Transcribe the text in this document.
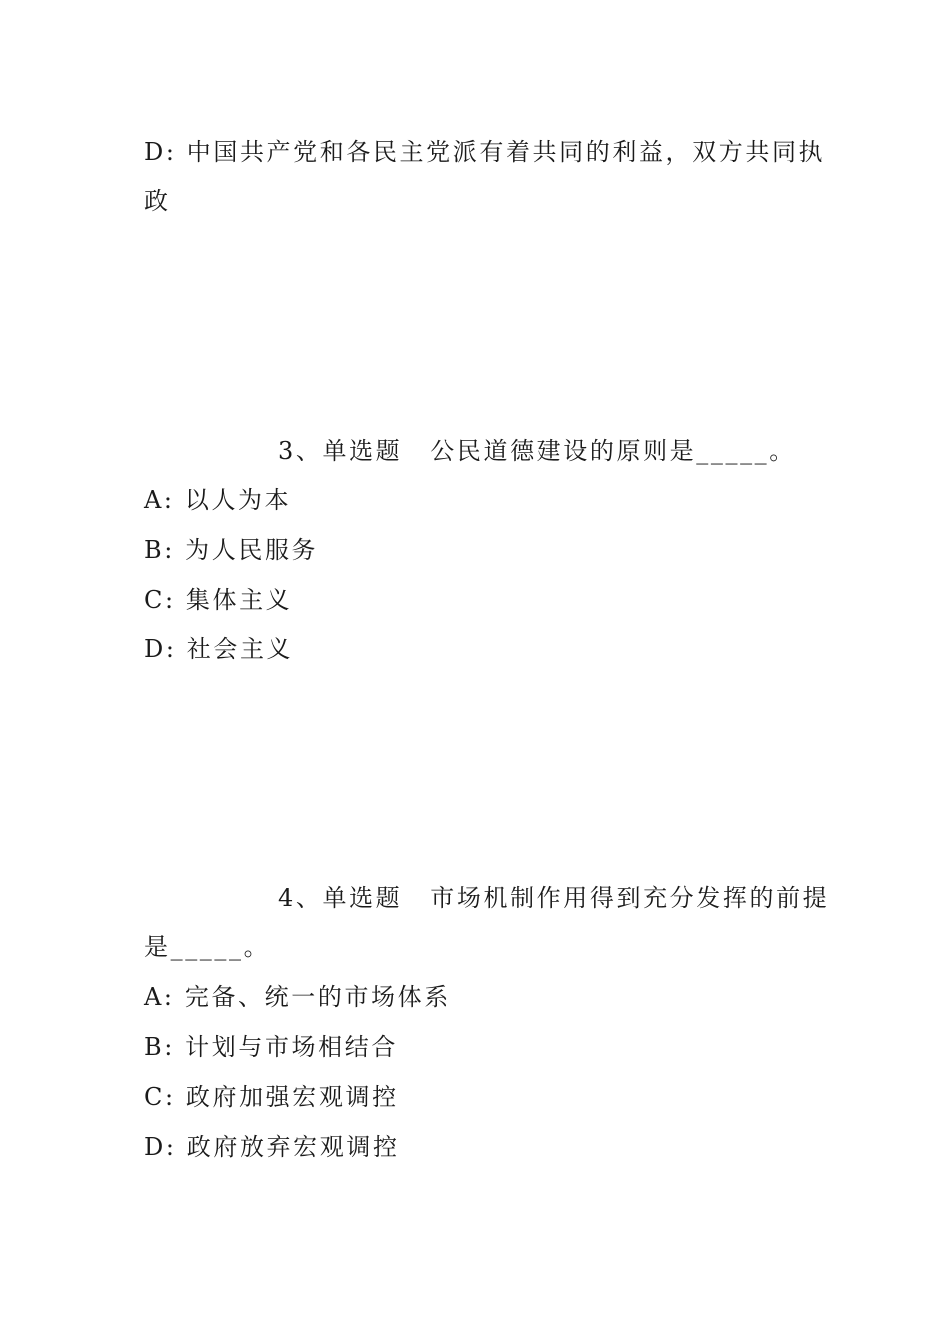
D: 中国共产党和各民主党派有着共同的利益，双方共同执
政
3、单选题 公民道德建设的原则是_____。
A: 以人为本
B: 为人民服务
C: 集体主义
D: 社会主义
4、单选题 市场机制作用得到充分发挥的前提
是_____。
A: 完备、统一的市场体系
B: 计划与市场相结合
C: 政府加强宏观调控
D: 政府放弃宏观调控
